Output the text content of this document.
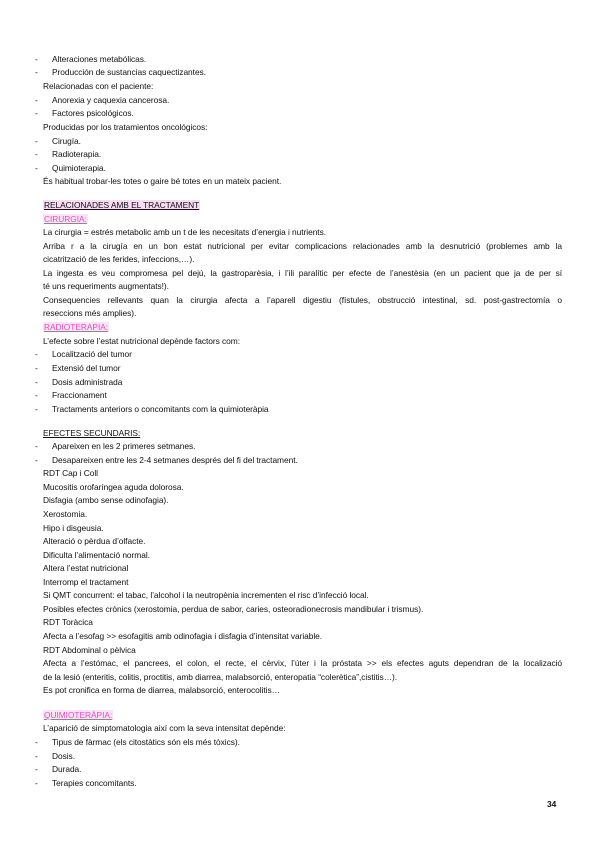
- Alteraciones metabólicas.
- Producción de sustancias caquectizantes.
Relacionadas con el paciente:
- Anorexia y caquexia cancerosa.
- Factores psicológicos.
Producidas por los tratamientos oncológicos:
- Cirugía.
- Radioterapia.
- Quimioterapia.
És habitual trobar-les totes o gaire bé totes en un mateix pacient.
RELACIONADES AMB EL TRACTAMENT
CIRURGIA:
La cirurgia = estrés metabolic amb un t de les necesitats d’energia i nutrients.
Arriba r a la cirugía en un bon estat nutricional per evitar complicacions relacionades amb la desnutrició (problemes amb la
cicatrització de les ferides, infeccions,…).
La ingesta es veu compromesa pel dejú, la gastroparèsia, i l’ili paralític per efecte de l’anestèsia (en un pacient que ja de per sí
té uns requeriments augmentats!).
Consequencies rellevants quan la cirurgia afecta a l’aparell digestiu (fístules, obstrucció intestinal, sd. post-gastrectomía o
reseccions més amplies).
RADIOTERAPIA:
L’efecte sobre l’estat nutricional depènde factors com:
- Localització del tumor
- Extensió del tumor
- Dosis administrada
- Fraccionament
- Tractaments anteriors o concomitants com la quimioteràpia
EFECTES SECUNDARIS:
- Apareixen en les 2 primeres setmanes.
- Desapareixen entre les 2-4 setmanes després del fi del tractament.
RDT Cap i Coll
Mucositis orofaríngea aguda dolorosa.
Disfagia (ambo sense odinofagia).
Xerostomia.
Hipo i disgeusia.
Alteració o pèrdua d’olfacte.
Dificulta l’alimentació normal.
Altera l’estat nutricional
Interromp el tractament
Si QMT concurrent: el tabac, l’alcohol i la neutropènia incrementen el risc d’infecció local.
Posibles efectes crònics (xerostomia, perdua de sabor, caries, osteoradionecrosis mandibular i trismus).
RDT Toràcica
Afecta a l’esofag >> esofagitis amb odinofagia i disfagia d’intensitat variable.
RDT Abdominal o pèlvica
Afecta a l’estómac, el pancrees, el colon, el recte, el cèrvix, l’úter i la próstata >> els efectes aguts dependran de la localizació
de la lesió (enteritis, colitis, proctitis, amb diarrea, malabsorció, enteropatia “colerètica”,cistitis…).
Es pot cronifica en forma de diarrea, malabsorció, enterocolitis…
QUIMIOTERÀPIA:
L’aparició de simptomatologia així com la seva intensitat depènde:
- Tipus de fàrmac (els citostàtics són els més tòxics).
- Dosis.
- Durada.
- Terapies concomitants.
34
